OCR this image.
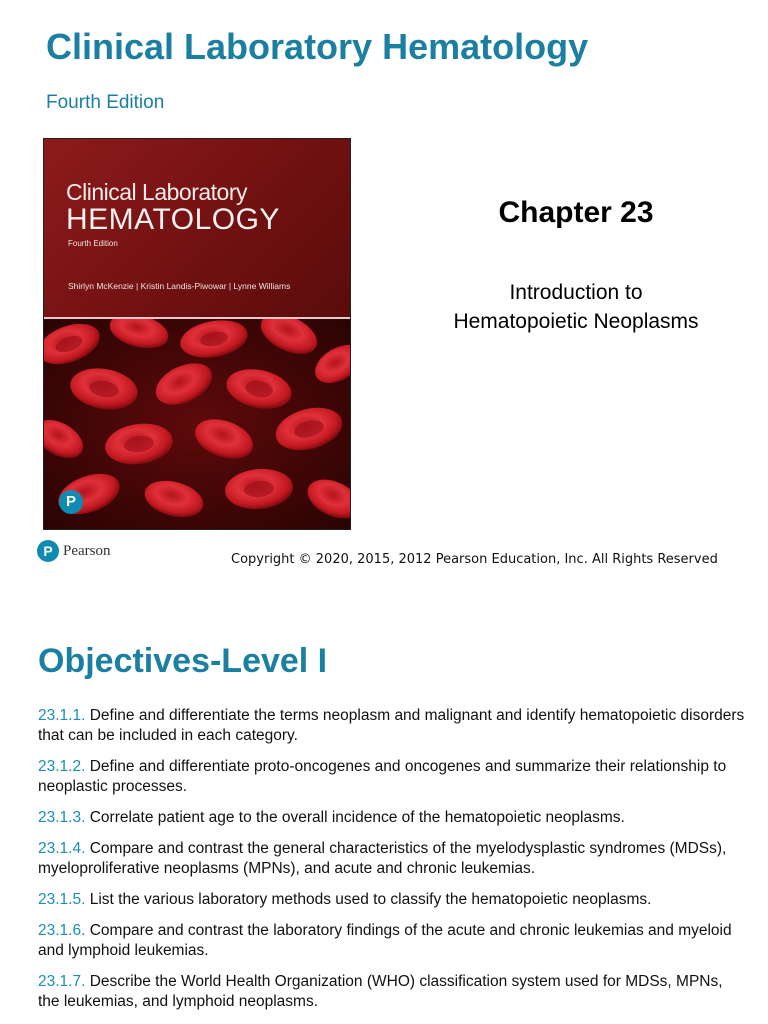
Clinical Laboratory Hematology
Fourth Edition
Clinical Laboratory
HEMATOLOGY
Fourth Edition
Shirlyn McKenzie | Kristin Landis-Piwowar | Lynne Williams
P
P Pearson
Chapter 23
Introduction to
Hematopoietic Neoplasms
Copyright © 2020, 2015, 2012 Pearson Education, Inc. All Rights Reserved
Objectives-Level I
23.1.1. Define and differentiate the terms neoplasm and malignant and identify hematopoietic disorders that can be included in each category.
23.1.2. Define and differentiate proto-oncogenes and oncogenes and summarize their relationship to neoplastic processes.
23.1.3. Correlate patient age to the overall incidence of the hematopoietic neoplasms.
23.1.4. Compare and contrast the general characteristics of the myelodysplastic syndromes (MDSs), myeloproliferative neoplasms (MPNs), and acute and chronic leukemias.
23.1.5. List the various laboratory methods used to classify the hematopoietic neoplasms.
23.1.6. Compare and contrast the laboratory findings of the acute and chronic leukemias and myeloid and lymphoid leukemias.
23.1.7. Describe the World Health Organization (WHO) classification system used for MDSs, MPNs, the leukemias, and lymphoid neoplasms.
